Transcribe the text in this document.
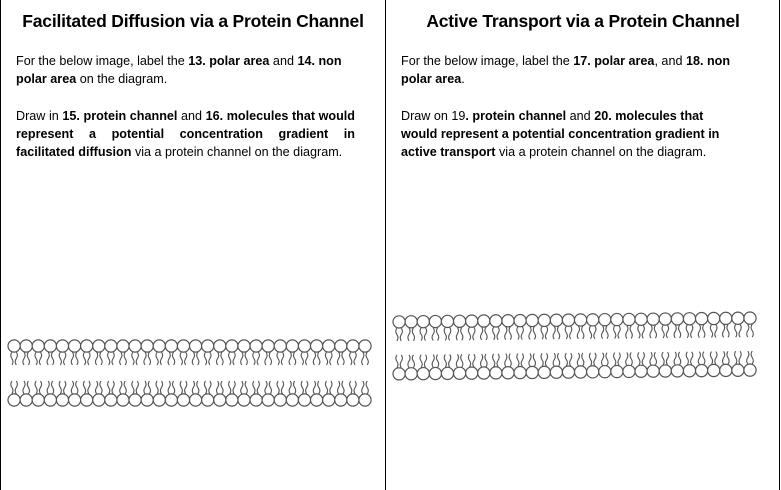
Facilitated Diffusion via a Protein Channel
For the below image, label the 13. polar area and 14. non polar area on the diagram.
Draw in 15. protein channel and 16. molecules that would represent a potential concentration gradient in facilitated diffusion via a protein channel on the diagram.
Active Transport via a Protein Channel
For the below image, label the 17. polar area, and 18. non polar area.
Draw on 19. protein channel and 20. molecules that would represent a potential concentration gradient in active transport via a protein channel on the diagram.
